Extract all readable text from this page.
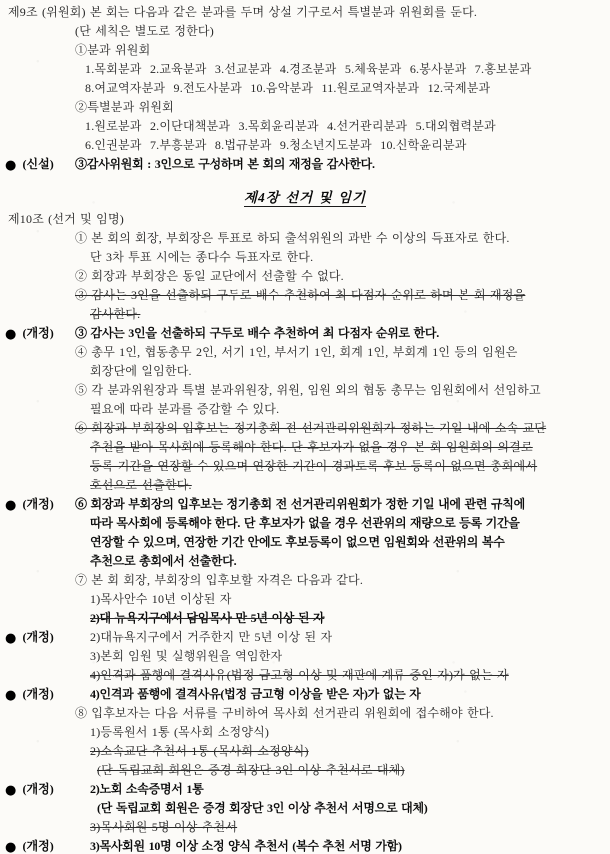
제9조 (위원회) 본 회는 다음과 같은 분과를 두며 상설 기구로서 특별분과 위원회를 둔다.
(단 세칙은 별도로 정한다)
①분과 위원회
1.목회분과  2.교육분과  3.선교분과  4.경조분과  5.체육분과  6.봉사분과  7.홍보분과
8.여교역자분과  9.전도사분과  10.음악분과  11.원로교역자분과  12.국제분과
②특별분과 위원회
1.원로분과  2.이단대책분과  3.목회윤리분과  4.선거관리분과  5.대외협력분과
6.인권분과  7.부흥분과  8.법규분과  9.청소년지도분과  10.신학윤리분과
● (신설) ③감사위원회 : 3인으로 구성하며 본 회의 재정을 감사한다.
제4장 선거 및 임기
제10조 (선거 및 임명)
① 본 회의 회장, 부회장은 투표로 하되 출석위원의 과반 수 이상의 득표자로 한다.
단 3차 투표 시에는 종다수 득표자로 한다.
② 회장과 부회장은 동일 교단에서 선출할 수 없다.
③ 감사는 3인을 선출하되 구두로 배수 추천하여 최 다점자 순위로 하며 본 회 재정을
감사한다.
● (개정) ③ 감사는 3인을 선출하되 구두로 배수 추천하여 최 다점자 순위로 한다.
④ 총무 1인, 협동총무 2인, 서기 1인, 부서기 1인, 회계 1인, 부회계 1인 등의 임원은
회장단에 일임한다.
⑤ 각 분과위원장과 특별 분과위원장, 위원, 임원 외의 협동 총무는 임원회에서 선임하고
필요에 따라 분과를 증감할 수 있다.
⑥ 회장과 부회장의 입후보는 정기총회 전 선거관리위원회가 정하는 기일 내에 소속 교단
추천을 받아 목사회에 등록해야 한다. 단 후보자가 없을 경우 본 회 임원회의 의결로
등록 기간을 연장할 수 있으며 연장한 기간이 경과토록 후보 등록이 없으면 총회에서
호선으로 선출한다.
● (개정) ⑥ 회장과 부회장의 입후보는 정기총회 전 선거관리위원회가 정한 기일 내에 관련 규칙에
따라 목사회에 등록해야 한다. 단 후보자가 없을 경우 선관위의 재량으로 등록 기간을
연장할 수 있으며, 연장한 기간 안에도 후보등록이 없으면 임원회와 선관위의 복수
추천으로 총회에서 선출한다.
⑦ 본 회 회장, 부회장의 입후보할 자격은 다음과 같다.
1)목사안수 10년 이상된 자
2)대 뉴욕지구에서 담임목사 만 5년 이상 된 자
● (개정)	2)대뉴욕지구에서 거주한지 만 5년 이상 된 자
3)본회 임원 및 실행위원을 역임한자
4)인격과 품행에 결격사유(법정 금고형 이상 및 재판에 계류 중인 자)가 없는 자
● (개정)	4)인격과 품행에 결격사유(법정 금고형 이상을 받은 자)가 없는 자
⑧ 입후보자는 다음 서류를 구비하여 목사회 선거관리 위원회에 접수해야 한다.
1)등록원서 1통 (목사회 소정양식)
2)소속교단 추천서 1통 (목사회 소정양식)
(단 독립교회 회원은 증경 회장단 3인 이상 추천서로 대체)
● (개정)	2)노회 소속증명서 1통
(단 독립교회 회원은 증경 회장단 3인 이상 추천서 서명으로 대체)
3)목사회원 5명 이상 추천서
● (개정)	3)목사회원 10명 이상 소정 양식 추천서 (복수 추천 서명 가함)
